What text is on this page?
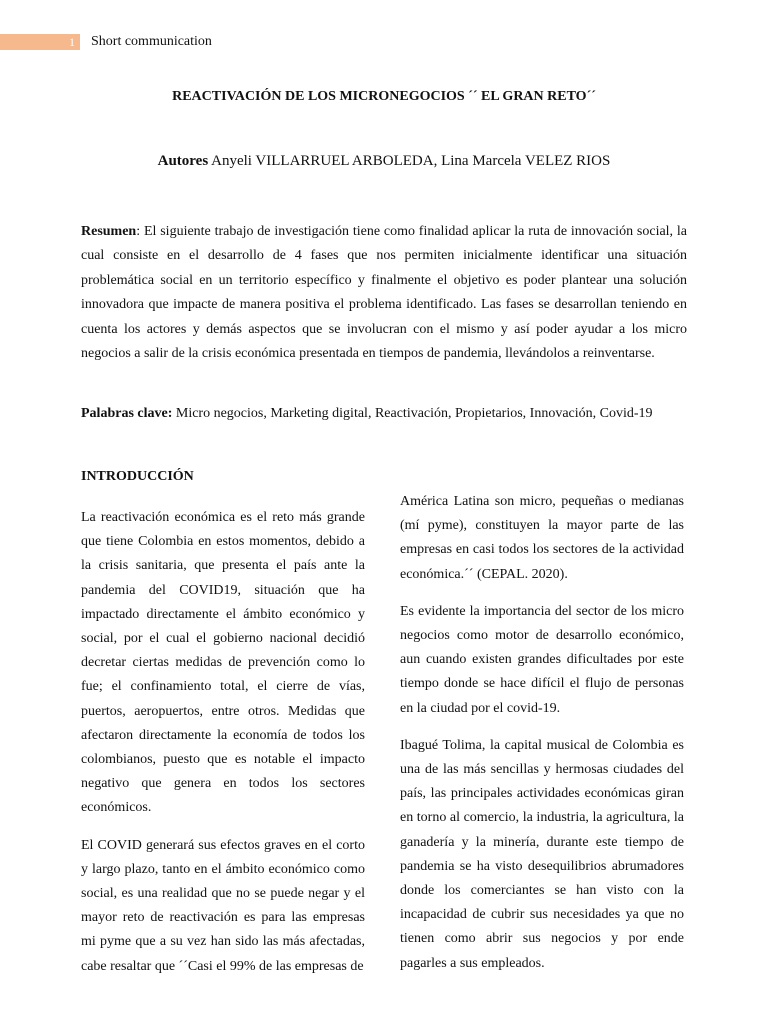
1	Short communication
REACTIVACIÓN DE LOS MICRONEGOCIOS ´´ EL GRAN RETO´´
Autores Anyeli VILLARRUEL ARBOLEDA, Lina Marcela VELEZ RIOS

Resumen: El siguiente trabajo de investigación tiene como finalidad aplicar la ruta de innovación social, la cual consiste en el desarrollo de 4 fases que nos permiten inicialmente identificar una situación problemática social en un territorio específico y finalmente el objetivo es poder plantear una solución innovadora que impacte de manera positiva el problema identificado. Las fases se desarrollan teniendo en cuenta los actores y demás aspectos que se involucran con el mismo y así poder ayudar a los micro negocios a salir de la crisis económica presentada en tiempos de pandemia, llevándolos a reinventarse.

Palabras clave: Micro negocios, Marketing digital, Reactivación, Propietarios, Innovación, Covid-19

INTRODUCCIÓN

La reactivación económica es el reto más grande que tiene Colombia en estos momentos, debido a la crisis sanitaria, que presenta el país ante la pandemia del COVID19, situación que ha impactado directamente el ámbito económico y social, por el cual el gobierno nacional decidió decretar ciertas medidas de prevención como lo fue; el confinamiento total, el cierre de vías, puertos, aeropuertos, entre otros. Medidas que afectaron directamente la economía de todos los colombianos, puesto que es notable el impacto negativo que genera en todos los sectores económicos.

El COVID generará sus efectos graves en el corto y largo plazo, tanto en el ámbito económico como social, es una realidad que no se puede negar y el mayor reto de reactivación es para las empresas mi pyme que a su vez han sido las más afectadas, cabe resaltar que ´´Casi el 99% de las empresas de

América Latina son micro, pequeñas o medianas (mí pyme), constituyen la mayor parte de las empresas en casi todos los sectores de la actividad económica.´´ (CEPAL. 2020).

Es evidente la importancia del sector de los micro negocios como motor de desarrollo económico, aun cuando existen grandes dificultades por este tiempo donde se hace difícil el flujo de personas en la ciudad por el covid-19.

Ibagué Tolima, la capital musical de Colombia es una de las más sencillas y hermosas ciudades del país, las principales actividades económicas giran en torno al comercio, la industria, la agricultura, la ganadería y la minería, durante este tiempo de pandemia se ha visto desequilibrios abrumadores donde los comerciantes se han visto con la incapacidad de cubrir sus necesidades ya que no tienen como abrir sus negocios y por ende pagarles a sus empleados.
